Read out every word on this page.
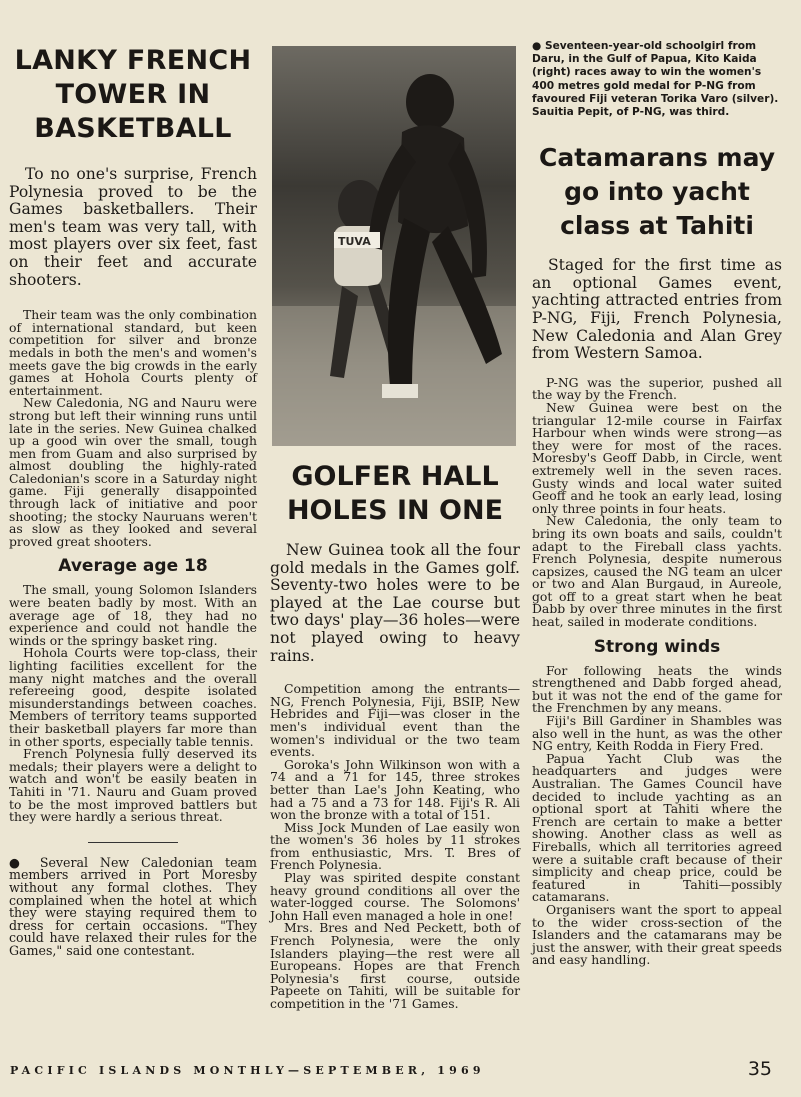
LANKY FRENCH
TOWER IN
BASKETBALL

To no one's surprise, French Polynesia proved to be the Games basketballers. Their men's team was very tall, with most players over six feet, fast on their feet and accurate shooters.

Their team was the only combination of international standard, but keen competition for silver and bronze medals in both the men's and women's meets gave the big crowds in the early games at Hohola Courts plenty of entertainment.

New Caledonia, NG and Nauru were strong but left their winning runs until late in the series. New Guinea chalked up a good win over the small, tough men from Guam and also surprised by almost doubling the highly-rated Caledonian's score in a Saturday night game. Fiji generally disappointed through lack of initiative and poor shooting; the stocky Nauruans weren't as slow as they looked and several proved great shooters.

Average age 18

The small, young Solomon Islanders were beaten badly by most. With an average age of 18, they had no experience and could not handle the winds or the springy basket ring.

Hohola Courts were top-class, their lighting facilities excellent for the many night matches and the overall refereeing good, despite isolated misunderstandings between coaches. Members of territory teams supported their basketball players far more than in other sports, especially table tennis.

French Polynesia fully deserved its medals; their players were a delight to watch and won't be easily beaten in Tahiti in '71. Nauru and Guam proved to be the most improved battlers but they were hardly a serious threat.

● Several New Caledonian team members arrived in Port Moresby without any formal clothes. They complained when the hotel at which they were staying required them to dress for certain occasions. "They could have relaxed their rules for the Games," said one contestant.

TUVA
GOLFER HALL
HOLES IN ONE

New Guinea took all the four gold medals in the Games golf. Seventy-two holes were to be played at the Lae course but two days' play—36 holes—were not played owing to heavy rains.

Competition among the entrants—NG, French Polynesia, Fiji, BSIP, New Hebrides and Fiji—was closer in the men's individual event than the women's individual or the two team events.

Goroka's John Wilkinson won with a 74 and a 71 for 145, three strokes better than Lae's John Keating, who had a 75 and a 73 for 148. Fiji's R. Ali won the bronze with a total of 151.

Miss Jock Munden of Lae easily won the women's 36 holes by 11 strokes from enthusiastic, Mrs. T. Bres of French Polynesia.

Play was spirited despite constant heavy ground conditions all over the water-logged course. The Solomons' John Hall even managed a hole in one!

Mrs. Bres and Ned Peckett, both of French Polynesia, were the only Islanders playing—the rest were all Europeans. Hopes are that French Polynesia's first course, outside Papeete on Tahiti, will be suitable for competition in the '71 Games.

● Seventeen-year-old schoolgirl from Daru, in the Gulf of Papua, Kito Kaida (right) races away to win the women's 400 metres gold medal for P-NG from favoured Fiji veteran Torika Varo (silver). Sauitia Pepit, of P-NG, was third.

Catamarans may
go into yacht
class at Tahiti

Staged for the first time as an optional Games event, yachting attracted entries from P-NG, Fiji, French Polynesia, New Caledonia and Alan Grey from Western Samoa.

P-NG was the superior, pushed all the way by the French.

New Guinea were best on the triangular 12-mile course in Fairfax Harbour when winds were strong—as they were for most of the races. Moresby's Geoff Dabb, in Circle, went extremely well in the seven races. Gusty winds and local water suited Geoff and he took an early lead, losing only three points in four heats.

New Caledonia, the only team to bring its own boats and sails, couldn't adapt to the Fireball class yachts. French Polynesia, despite numerous capsizes, caused the NG team an ulcer or two and Alan Burgaud, in Aureole, got off to a great start when he beat Dabb by over three minutes in the first heat, sailed in moderate conditions.

Strong winds

For following heats the winds strengthened and Dabb forged ahead, but it was not the end of the game for the Frenchmen by any means.

Fiji's Bill Gardiner in Shambles was also well in the hunt, as was the other NG entry, Keith Rodda in Fiery Fred.

Papua Yacht Club was the headquarters and judges were Australian. The Games Council have decided to include yachting as an optional sport at Tahiti where the French are certain to make a better showing. Another class as well as Fireballs, which all territories agreed were a suitable craft because of their simplicity and cheap price, could be featured in Tahiti—possibly catamarans.

Organisers want the sport to appeal to the wider cross-section of the Islanders and the catamarans may be just the answer, with their great speeds and easy handling.

PACIFIC ISLANDS MONTHLY—SEPTEMBER, 1969	35
